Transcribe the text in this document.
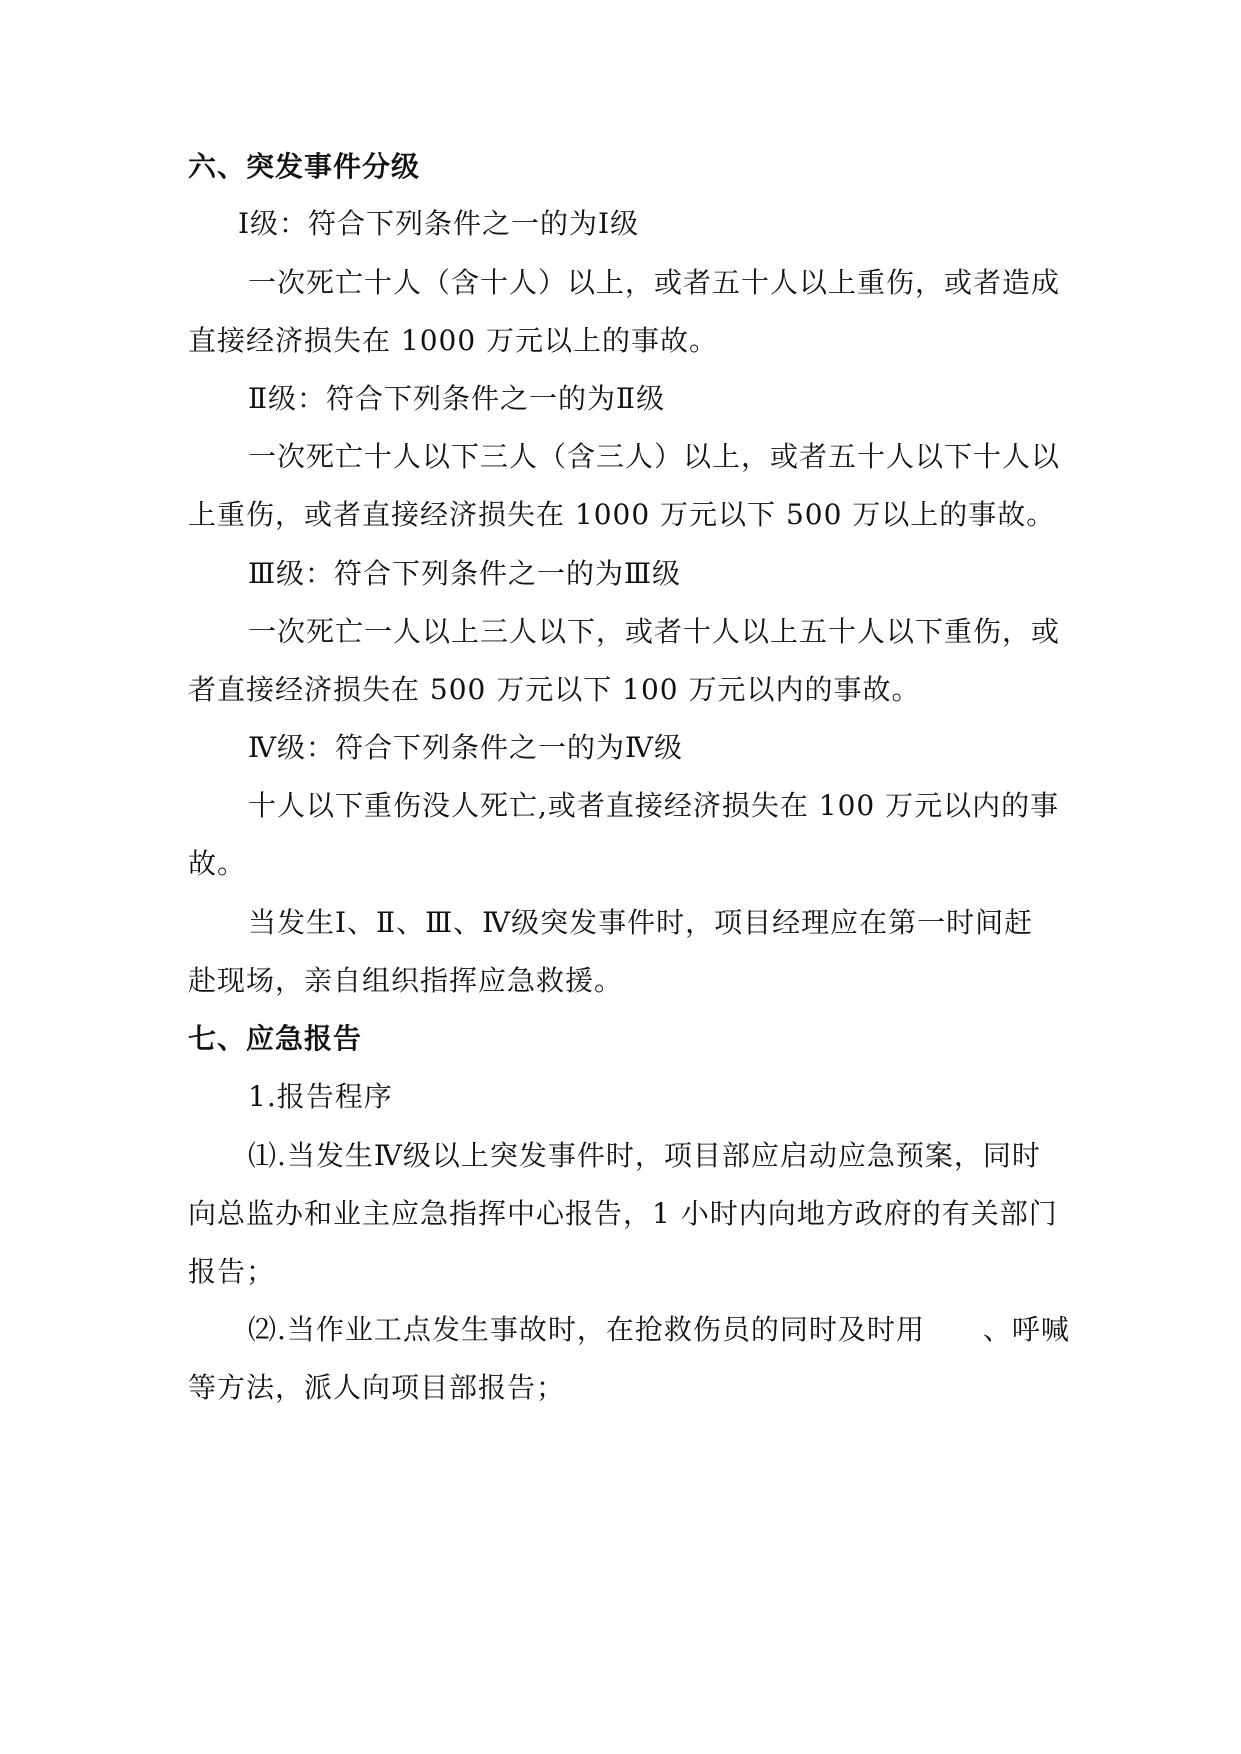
六、突发事件分级
Ⅰ级：符合下列条件之一的为Ⅰ级
一次死亡十人（含十人）以上，或者五十人以上重伤，或者造成
直接经济损失在 1000 万元以上的事故。
Ⅱ级：符合下列条件之一的为Ⅱ级
一次死亡十人以下三人（含三人）以上，或者五十人以下十人以
上重伤，或者直接经济损失在 1000 万元以下 500 万以上的事故。
Ⅲ级：符合下列条件之一的为Ⅲ级
一次死亡一人以上三人以下，或者十人以上五十人以下重伤，或
者直接经济损失在 500 万元以下 100 万元以内的事故。
Ⅳ级：符合下列条件之一的为Ⅳ级
十人以下重伤没人死亡,或者直接经济损失在 100 万元以内的事
故。
当发生Ⅰ、Ⅱ、Ⅲ、Ⅳ级突发事件时，项目经理应在第一时间赶
赴现场，亲自组织指挥应急救援。
七、应急报告
1.报告程序
⑴.当发生Ⅳ级以上突发事件时，项目部应启动应急预案，同时
向总监办和业主应急指挥中心报告，1 小时内向地方政府的有关部门
报告；
⑵.当作业工点发生事故时，在抢救伤员的同时及时用　　、呼喊
等方法，派人向项目部报告；
